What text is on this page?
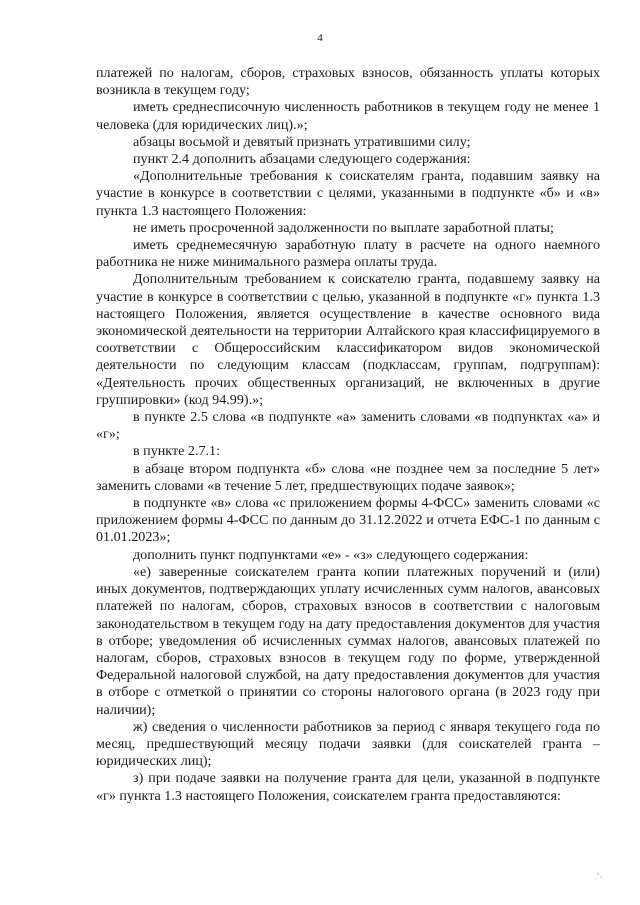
4

платежей по налогам, сборов, страховых взносов, обязанность уплаты которых возникла в текущем году;

иметь среднесписочную численность работников в текущем году не менее 1 человека (для юридических лиц).»;

абзацы восьмой и девятый признать утратившими силу;

пункт 2.4 дополнить абзацами следующего содержания:

«Дополнительные требования к соискателям гранта, подавшим заявку на участие в конкурсе в соответствии с целями, указанными в подпункте «б» и «в» пункта 1.3 настоящего Положения:

не иметь просроченной задолженности по выплате заработной платы;

иметь среднемесячную заработную плату в расчете на одного наемного работника не ниже минимального размера оплаты труда.

Дополнительным требованием к соискателю гранта, подавшему заявку на участие в конкурсе в соответствии с целью, указанной в подпункте «г» пункта 1.3 настоящего Положения, является осуществление в качестве основного вида экономической деятельности на территории Алтайского края классифицируемого в соответствии с Общероссийским классификатором видов экономической деятельности по следующим классам (подклассам, группам, подгруппам): «Деятельность прочих общественных организаций, не включенных в другие группировки» (код 94.99).»;

в пункте 2.5 слова «в подпункте «а» заменить словами «в подпунктах «а» и «г»;

в пункте 2.7.1:

в абзаце втором подпункта «б» слова «не позднее чем за последние 5 лет» заменить словами «в течение 5 лет, предшествующих подаче заявок»;

в подпункте «в» слова «с приложением формы 4-ФСС» заменить словами «с приложением формы 4-ФСС по данным до 31.12.2022 и отчета ЕФС-1 по данным с 01.01.2023»;

дополнить пункт подпунктами «е» - «з» следующего содержания:

«е) заверенные соискателем гранта копии платежных поручений и (или) иных документов, подтверждающих уплату исчисленных сумм налогов, авансовых платежей по налогам, сборов, страховых взносов в соответствии с налоговым законодательством в текущем году на дату предоставления документов для участия в отборе; уведомления об исчисленных суммах налогов, авансовых платежей по налогам, сборов, страховых взносов в текущем году по форме, утвержденной Федеральной налоговой службой, на дату предоставления документов для участия в отборе с отметкой о принятии со стороны налогового органа (в 2023 году при наличии);

ж) сведения о численности работников за период с января текущего года по месяц, предшествующий месяцу подачи заявки (для соискателей гранта – юридических лиц);

з) при подаче заявки на получение гранта для цели, указанной в подпункте «г» пункта 1.3 настоящего Положения, соискателем гранта предоставляются:
